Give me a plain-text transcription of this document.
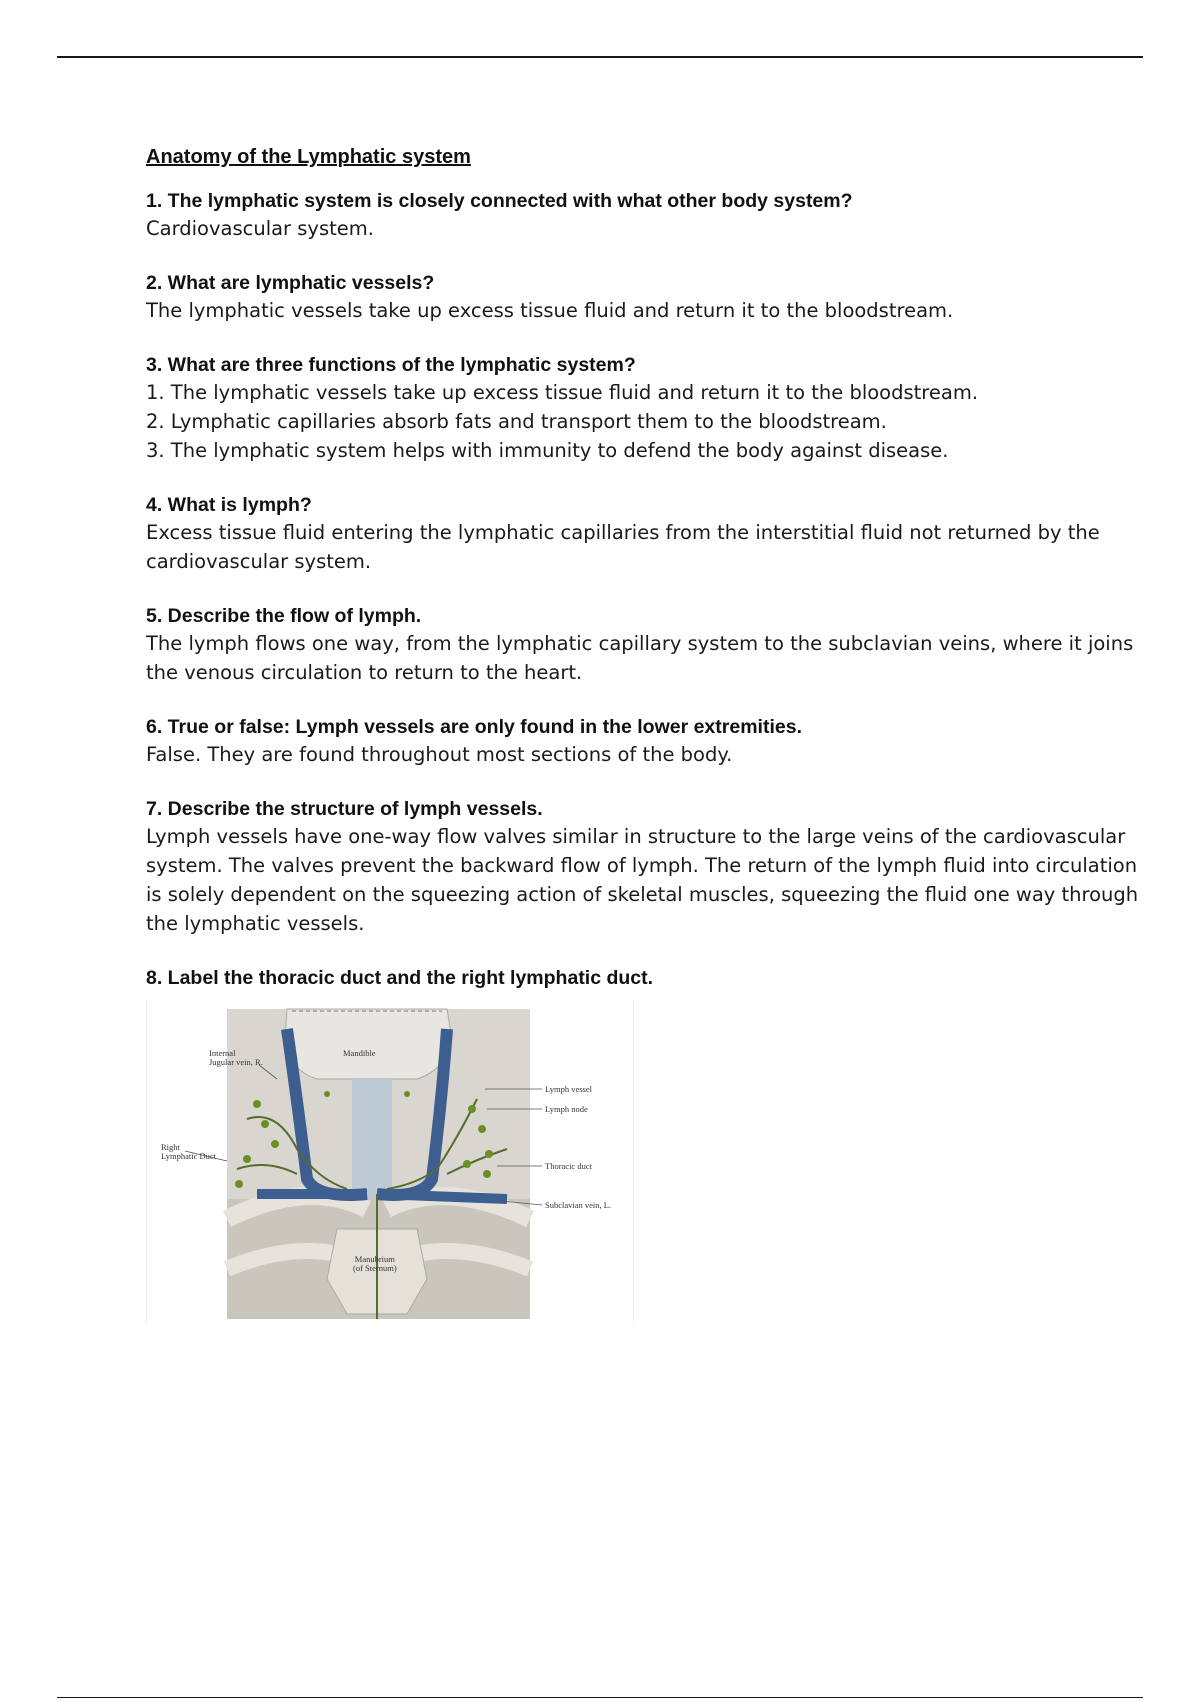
Anatomy of the Lymphatic system

1. The lymphatic system is closely connected with what other body system?

Cardiovascular system.

2. What are lymphatic vessels?

The lymphatic vessels take up excess tissue fluid and return it to the bloodstream.

3. What are three functions of the lymphatic system?

1. The lymphatic vessels take up excess tissue fluid and return it to the bloodstream.
2. Lymphatic capillaries absorb fats and transport them to the bloodstream.
3. The lymphatic system helps with immunity to defend the body against disease.

4. What is lymph?

Excess tissue fluid entering the lymphatic capillaries from the interstitial fluid not returned by the cardiovascular system.

5. Describe the flow of lymph.

The lymph flows one way, from the lymphatic capillary system to the subclavian veins, where it joins the venous circulation to return to the heart.

6. True or false: Lymph vessels are only found in the lower extremities.

False. They are found throughout most sections of the body.

7. Describe the structure of lymph vessels.

Lymph vessels have one-way flow valves similar in structure to the large veins of the cardiovascular system. The valves prevent the backward flow of lymph. The return of the lymph fluid into circulation is solely dependent on the squeezing action of skeletal muscles, squeezing the fluid one way through the lymphatic vessels.

8. Label the thoracic duct and the right lymphatic duct.

Internal
Jugular vein, R.
Mandible
Lymph vessel
Lymph node
Right
Lymphatic Duct
Thoracic duct
Subclavian vein, L.
Manubrium
(of Sternum)
